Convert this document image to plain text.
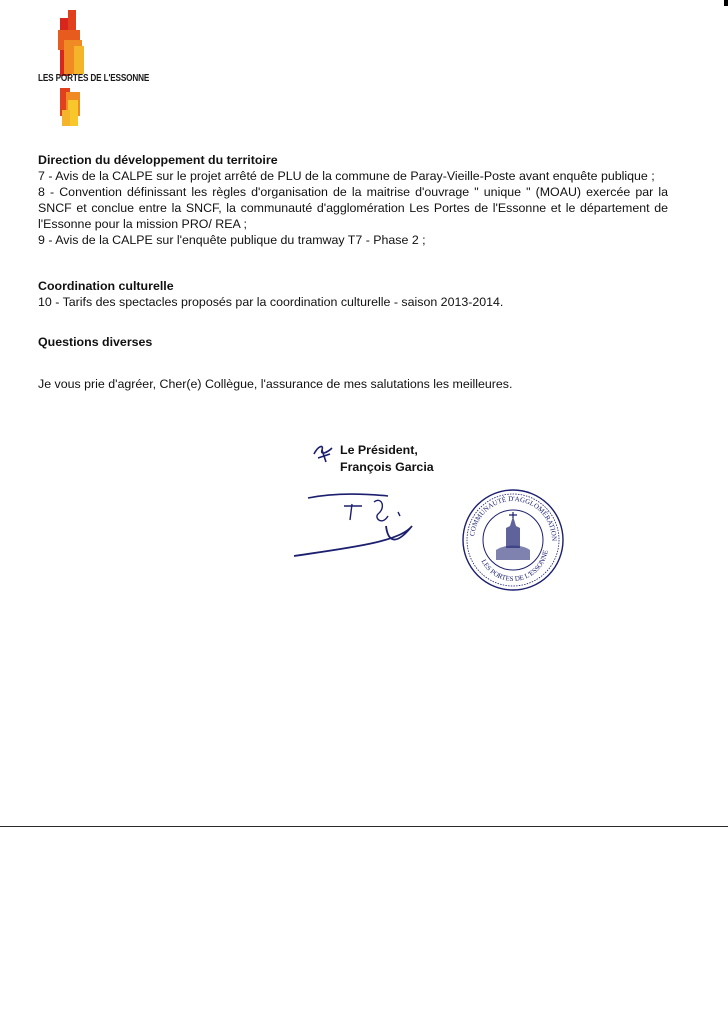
LES PORTES DE L'ESSONNE

Direction du développement du territoire

7 - Avis de la CALPE sur le projet arrêté de PLU de la commune de Paray-Vieille-Poste avant enquête publique ;

8 - Convention définissant les règles d'organisation de la maitrise d'ouvrage " unique " (MOAU) exercée par la SNCF et conclue entre la SNCF, la communauté d'agglomération Les Portes de l'Essonne et le département de l'Essonne pour la mission PRO/ REA ;

9 - Avis de la CALPE sur l'enquête publique du tramway T7 - Phase 2 ;

Coordination culturelle

10 - Tarifs des spectacles proposés par la coordination culturelle - saison 2013-2014.

Questions diverses

Je vous prie d'agréer, Cher(e) Collègue, l'assurance de mes salutations les meilleures.

Le Président,
François Garcia
COMMUNAUTÉ D'AGGLOMÉRATION
LES PORTES DE L'ESSONNE
